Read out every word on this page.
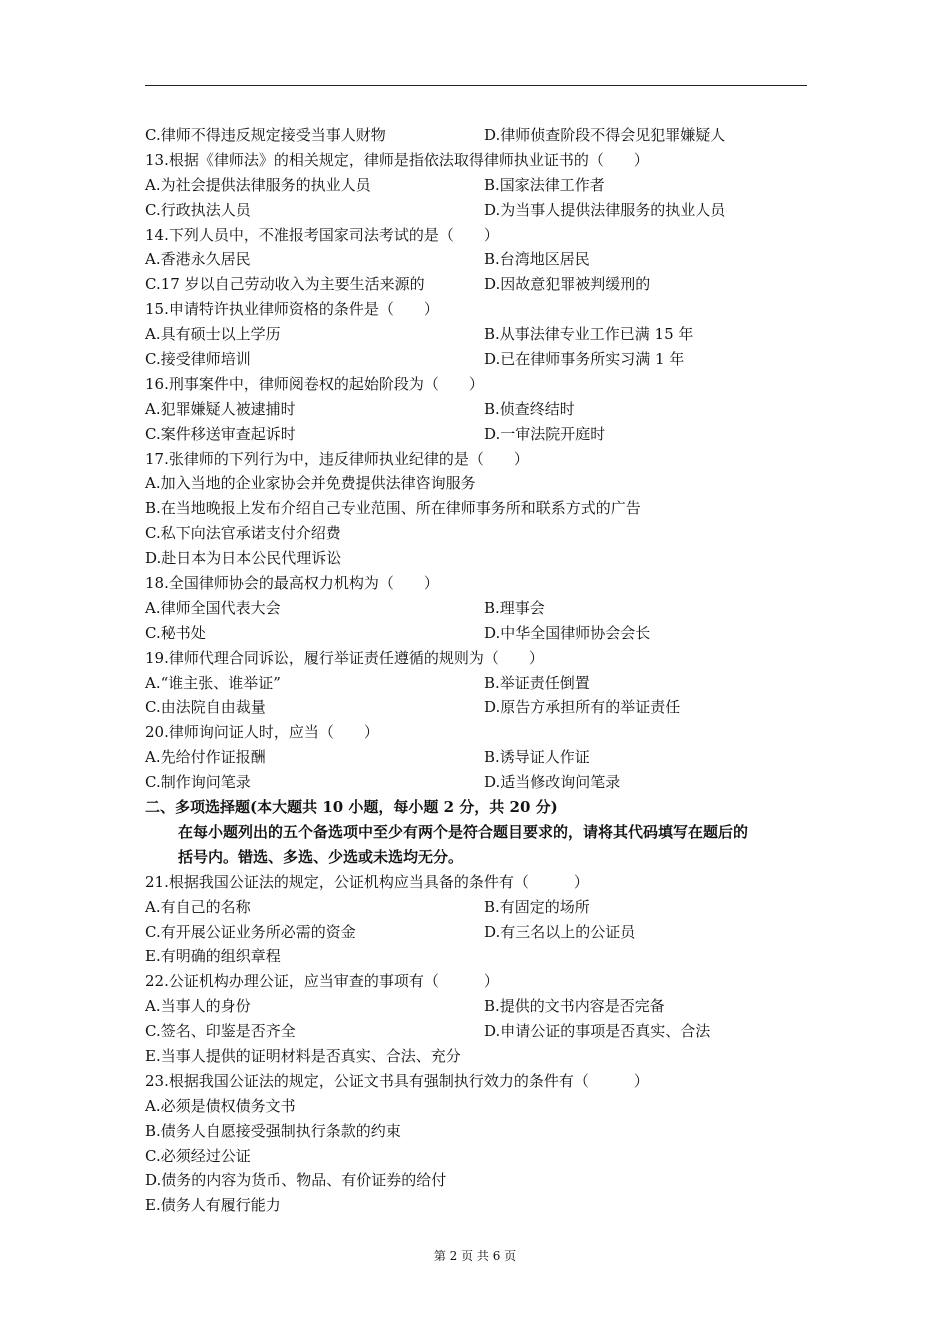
C.律师不得违反规定接受当事人财物	D.律师侦查阶段不得会见犯罪嫌疑人
13.根据《律师法》的相关规定，律师是指依法取得律师执业证书的（　　）
A.为社会提供法律服务的执业人员	B.国家法律工作者
C.行政执法人员	D.为当事人提供法律服务的执业人员
14.下列人员中，不准报考国家司法考试的是（　　）
A.香港永久居民	B.台湾地区居民
C.17 岁以自己劳动收入为主要生活来源的	D.因故意犯罪被判缓刑的
15.申请特许执业律师资格的条件是（　　）
A.具有硕士以上学历	B.从事法律专业工作已满 15 年
C.接受律师培训	D.已在律师事务所实习满 1 年
16.刑事案件中，律师阅卷权的起始阶段为（　　）
A.犯罪嫌疑人被逮捕时	B.侦查终结时
C.案件移送审查起诉时	D.一审法院开庭时
17.张律师的下列行为中，违反律师执业纪律的是（　　）
A.加入当地的企业家协会并免费提供法律咨询服务
B.在当地晚报上发布介绍自己专业范围、所在律师事务所和联系方式的广告
C.私下向法官承诺支付介绍费
D.赴日本为日本公民代理诉讼
18.全国律师协会的最高权力机构为（　　）
A.律师全国代表大会	B.理事会
C.秘书处	D.中华全国律师协会会长
19.律师代理合同诉讼，履行举证责任遵循的规则为（　　）
A.“谁主张、谁举证”	B.举证责任倒置
C.由法院自由裁量	D.原告方承担所有的举证责任
20.律师询问证人时，应当（　　）
A.先给付作证报酬	B.诱导证人作证
C.制作询问笔录	D.适当修改询问笔录
二、多项选择题(本大题共 10 小题，每小题 2 分，共 20 分)
在每小题列出的五个备选项中至少有两个是符合题目要求的，请将其代码填写在题后的
括号内。错选、多选、少选或未选均无分。
21.根据我国公证法的规定，公证机构应当具备的条件有（　　　）
A.有自己的名称	B.有固定的场所
C.有开展公证业务所必需的资金	D.有三名以上的公证员
E.有明确的组织章程
22.公证机构办理公证，应当审查的事项有（　　　）
A.当事人的身份	B.提供的文书内容是否完备
C.签名、印鉴是否齐全	D.申请公证的事项是否真实、合法
E.当事人提供的证明材料是否真实、合法、充分
23.根据我国公证法的规定，公证文书具有强制执行效力的条件有（　　　）
A.必须是债权债务文书
B.债务人自愿接受强制执行条款的约束
C.必须经过公证
D.债务的内容为货币、物品、有价证券的给付
E.债务人有履行能力
第 2 页 共 6 页
